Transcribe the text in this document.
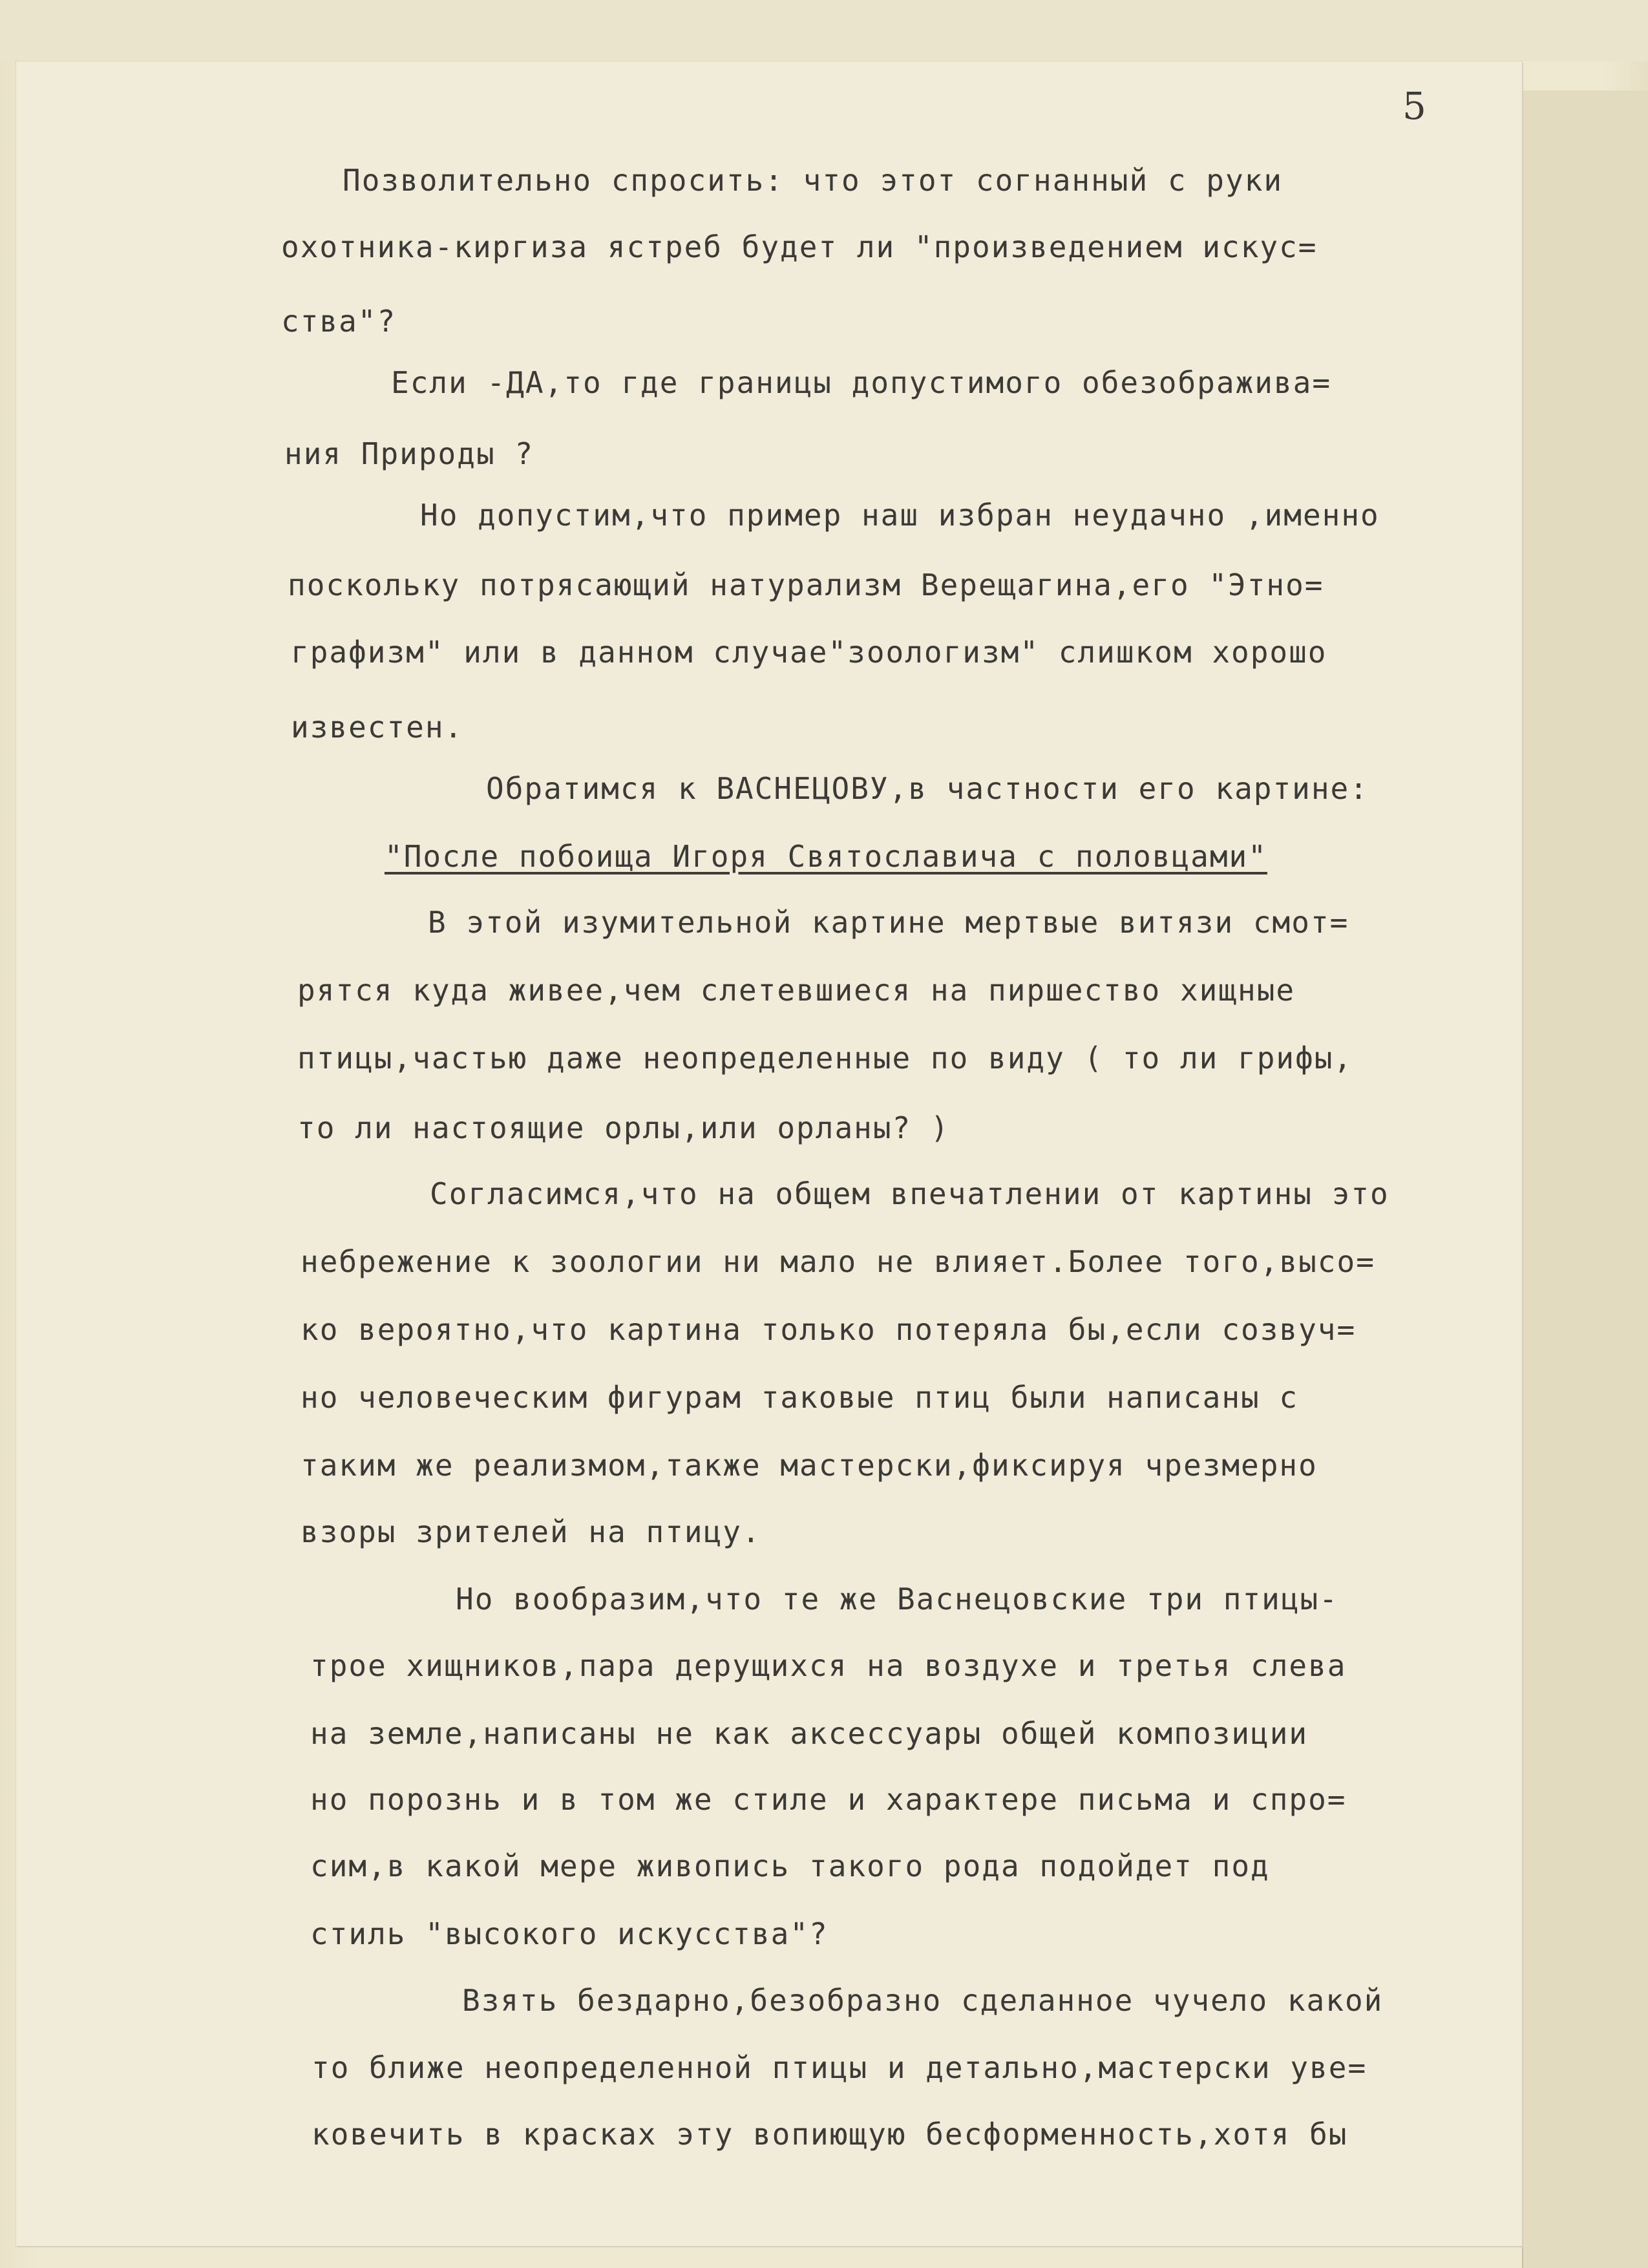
5
Позволительно спросить: что этот согнанный с руки
охотника-киргиза ястреб будет ли "произведением искус=
ства"?
Если -ДА,то где границы допустимого обезображива=
ния Природы ?
Но допустим,что пример наш избран неудачно ,именно
поскольку потрясающий натурализм Верещагина,его "Этно=
графизм" или в данном случае"зоологизм" слишком хорошо
известен.
Обратимся к ВАСНЕЦОВУ,в частности его картине:
"После побоища Игоря Святославича с половцами"
В этой изумительной картине мертвые витязи смот=
рятся куда живее,чем слетевшиеся на пиршество хищные
птицы,частью даже неопределенные по виду ( то ли грифы,
то ли настоящие орлы,или орланы? )
Согласимся,что на общем впечатлении от картины это
небрежение к зоологии ни мало не влияет.Более того,высо=
ко вероятно,что картина только потеряла бы,если созвуч=
но человеческим фигурам таковые птиц были написаны с
таким же реализмом,также мастерски,фиксируя чрезмерно
взоры зрителей на птицу.
Но вообразим,что те же Васнецовские три птицы-
трое хищников,пара дерущихся на воздухе и третья слева
на земле,написаны не как аксессуары общей композиции
но порознь и в том же стиле и характере письма и спро=
сим,в какой мере живопись такого рода подойдет под
стиль "высокого искусства"?
Взять бездарно,безобразно сделанное чучело какой
то ближе неопределенной птицы и детально,мастерски уве=
ковечить в красках эту вопиющую бесформенность,хотя бы
